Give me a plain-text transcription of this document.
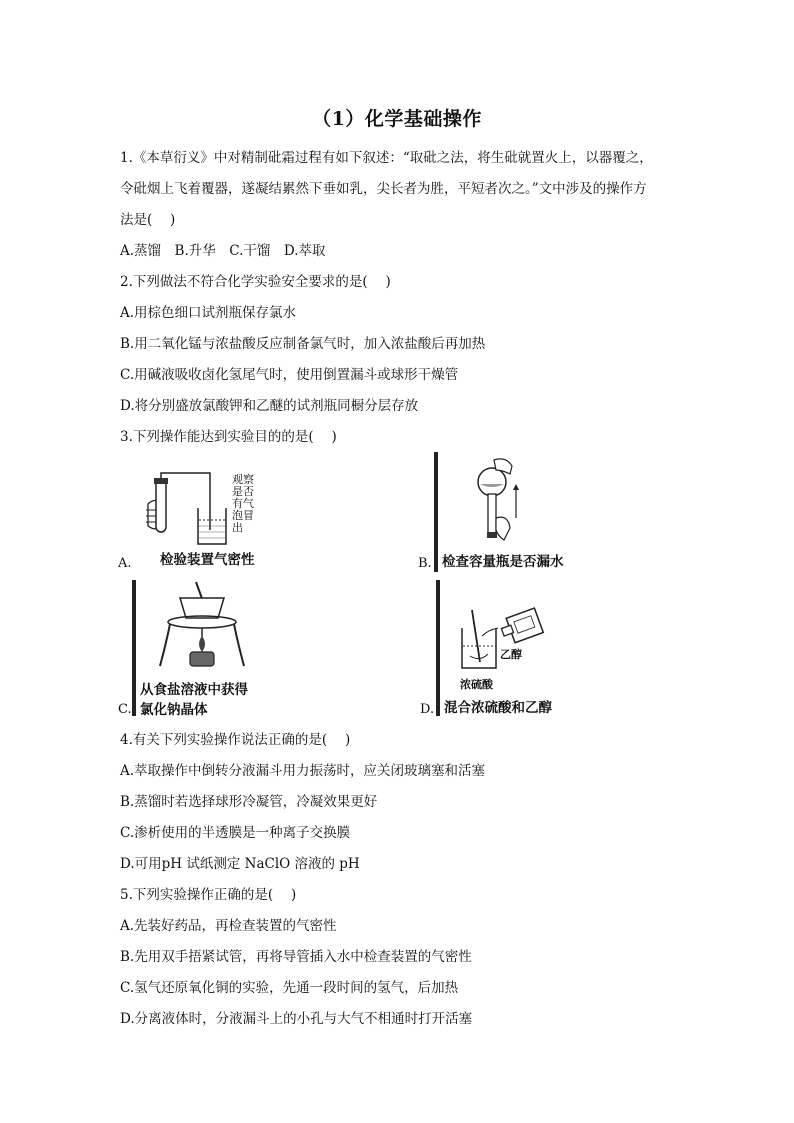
（1）化学基础操作
1.《本草衍义》中对精制砒霜过程有如下叙述：“取砒之法，将生砒就置火上，以器覆之，
令砒烟上飞着覆器，遂凝结累然下垂如乳，尖长者为胜，平短者次之。”文中涉及的操作方
法是(　 )
A.蒸馏　B.升华　C.干馏　D.萃取
2.下列做法不符合化学实验安全要求的是(　 )
A.用棕色细口试剂瓶保存氯水
B.用二氧化锰与浓盐酸反应制备氯气时，加入浓盐酸后再加热
C.用碱液吸收卤化氢尾气时，使用倒置漏斗或球形干燥管
D.将分别盛放氯酸钾和乙醚的试剂瓶同橱分层存放
3.下列操作能达到实验目的的是(　 )
A.
观察是否有气泡冒出
检验装置气密性	B. 检查容量瓶是否漏水
C.
从食盐溶液中获得
氯化钠晶体	D.
乙醇
浓硫酸
混合浓硫酸和乙醇
4.有关下列实验操作说法正确的是(　 )
A.萃取操作中倒转分液漏斗用力振荡时，应关闭玻璃塞和活塞
B.蒸馏时若选择球形冷凝管，冷凝效果更好
C.渗析使用的半透膜是一种离子交换膜
D.可用pH 试纸测定 NaClO 溶液的 pH
5.下列实验操作正确的是(　 )
A.先装好药品，再检查装置的气密性
B.先用双手捂紧试管，再将导管插入水中检查装置的气密性
C.氢气还原氧化铜的实验，先通一段时间的氢气，后加热
D.分离液体时，分液漏斗上的小孔与大气不相通时打开活塞
